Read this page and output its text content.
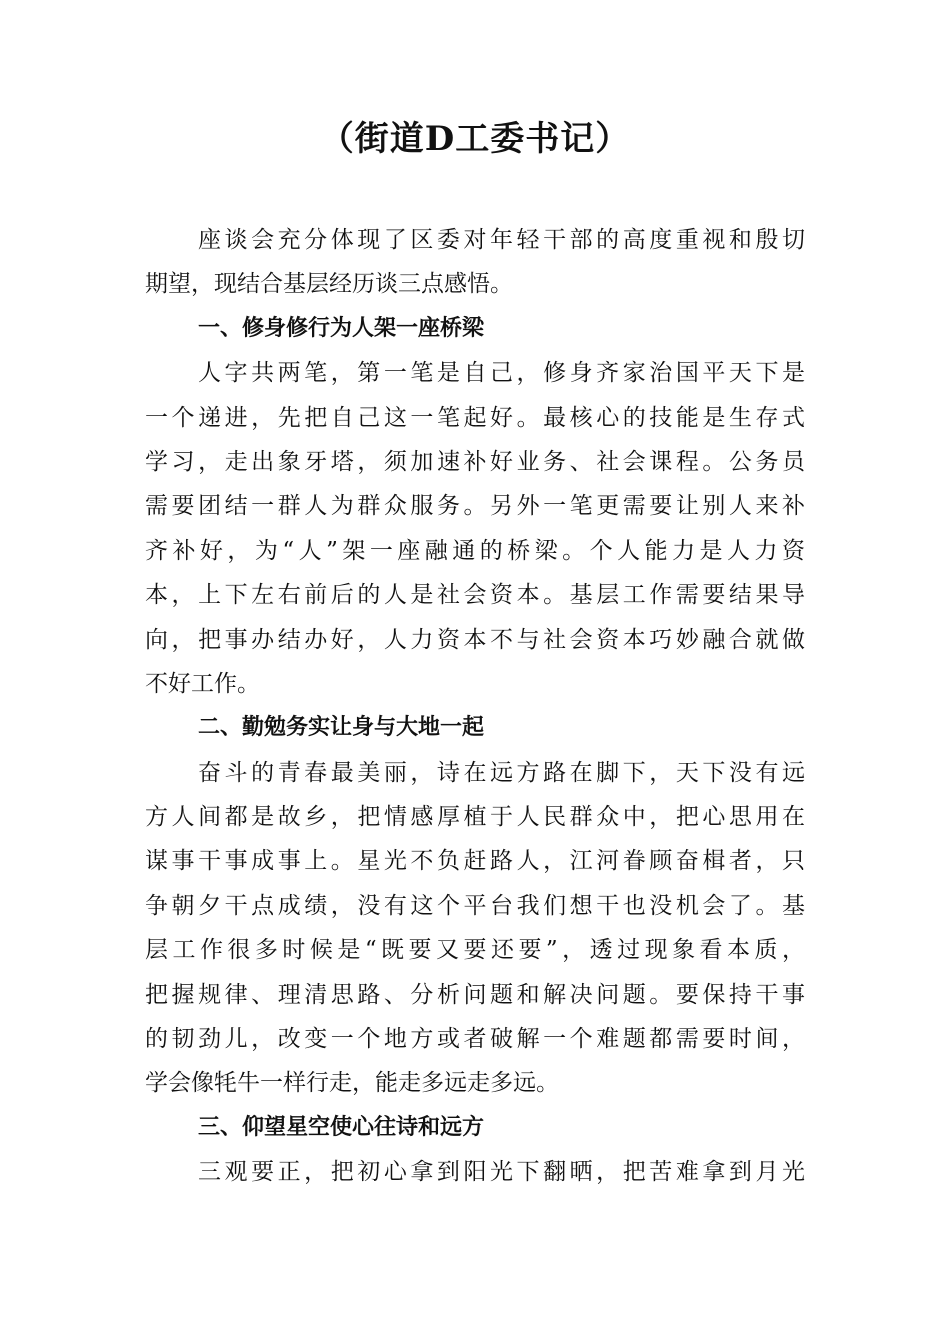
（街道D工委书记）
座谈会充分体现了区委对年轻干部的高度重视和殷切
期望，现结合基层经历谈三点感悟。
一、修身修行为人架一座桥梁
人字共两笔，第一笔是自己，修身齐家治国平天下是
一个递进，先把自己这一笔起好。最核心的技能是生存式
学习，走出象牙塔，须加速补好业务、社会课程。公务员
需要团结一群人为群众服务。另外一笔更需要让别人来补
齐补好，为“人”架一座融通的桥梁。个人能力是人力资
本，上下左右前后的人是社会资本。基层工作需要结果导
向，把事办结办好，人力资本不与社会资本巧妙融合就做
不好工作。
二、勤勉务实让身与大地一起
奋斗的青春最美丽，诗在远方路在脚下，天下没有远
方人间都是故乡，把情感厚植于人民群众中，把心思用在
谋事干事成事上。星光不负赶路人，江河眷顾奋楫者，只
争朝夕干点成绩，没有这个平台我们想干也没机会了。基
层工作很多时候是“既要又要还要”，透过现象看本质，
把握规律、理清思路、分析问题和解决问题。要保持干事
的韧劲儿，改变一个地方或者破解一个难题都需要时间，
学会像牦牛一样行走，能走多远走多远。
三、仰望星空使心往诗和远方
三观要正，把初心拿到阳光下翻晒，把苦难拿到月光
